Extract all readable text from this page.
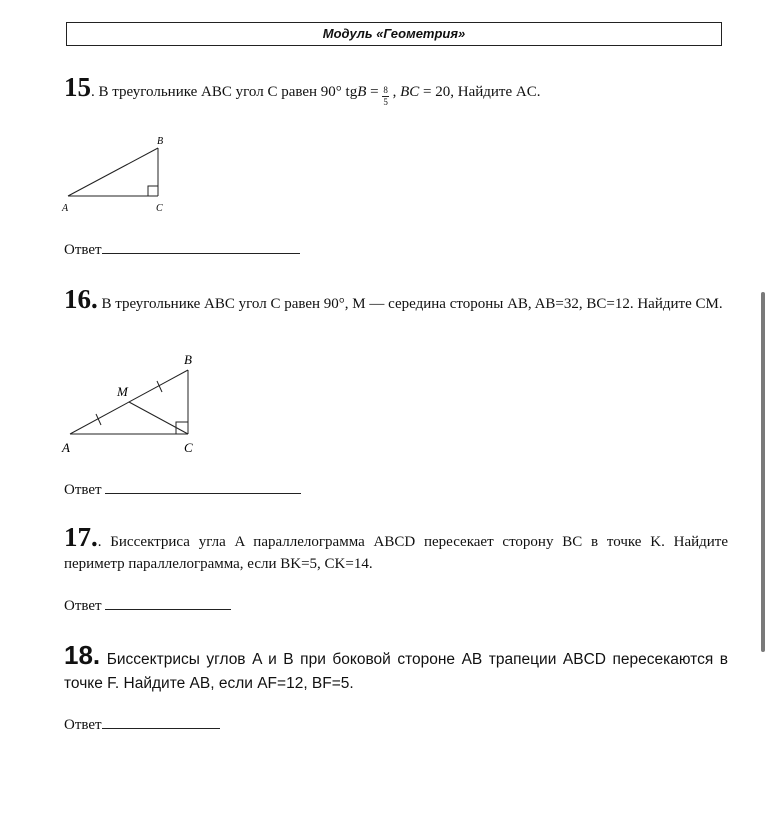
Модуль «Геометрия»
15. В треугольнике ABC угол C равен 90° tgB = $\frac{8}{5}$ , BC = 20, Найдите AC.
A
B
C
Ответ
16. В треугольнике ABC угол C равен 90°, M — середина стороны AB, AB=32, BC=12. Найдите CM.
A
B
C
M
Ответ
17.. Биссектриса угла A параллелограмма ABCD пересекает сторону BC в точке K. Найдите периметр параллелограмма, если BK=5, CK=14.
Ответ
18. Биссектрисы углов A и B при боковой стороне AB трапеции ABCD пересекаются в точке F. Найдите AB, если AF=12, BF=5.
Ответ
